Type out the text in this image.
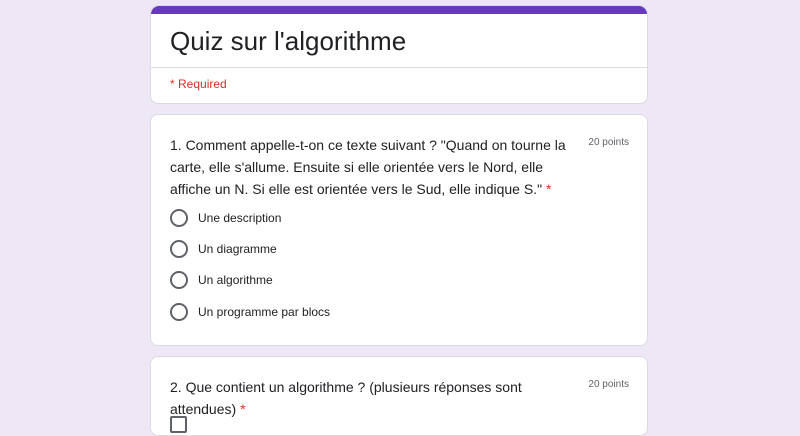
Quiz sur l'algorithme
* Required
1. Comment appelle-t-on ce texte suivant ? "Quand on tourne la carte, elle s'allume. Ensuite si elle orientée vers le Nord, elle affiche un N. Si elle est orientée vers le Sud, elle indique S." *
20 points
Une description
Un diagramme
Un algorithme
Un programme par blocs
2. Que contient un algorithme ? (plusieurs réponses sont attendues) *
20 points
